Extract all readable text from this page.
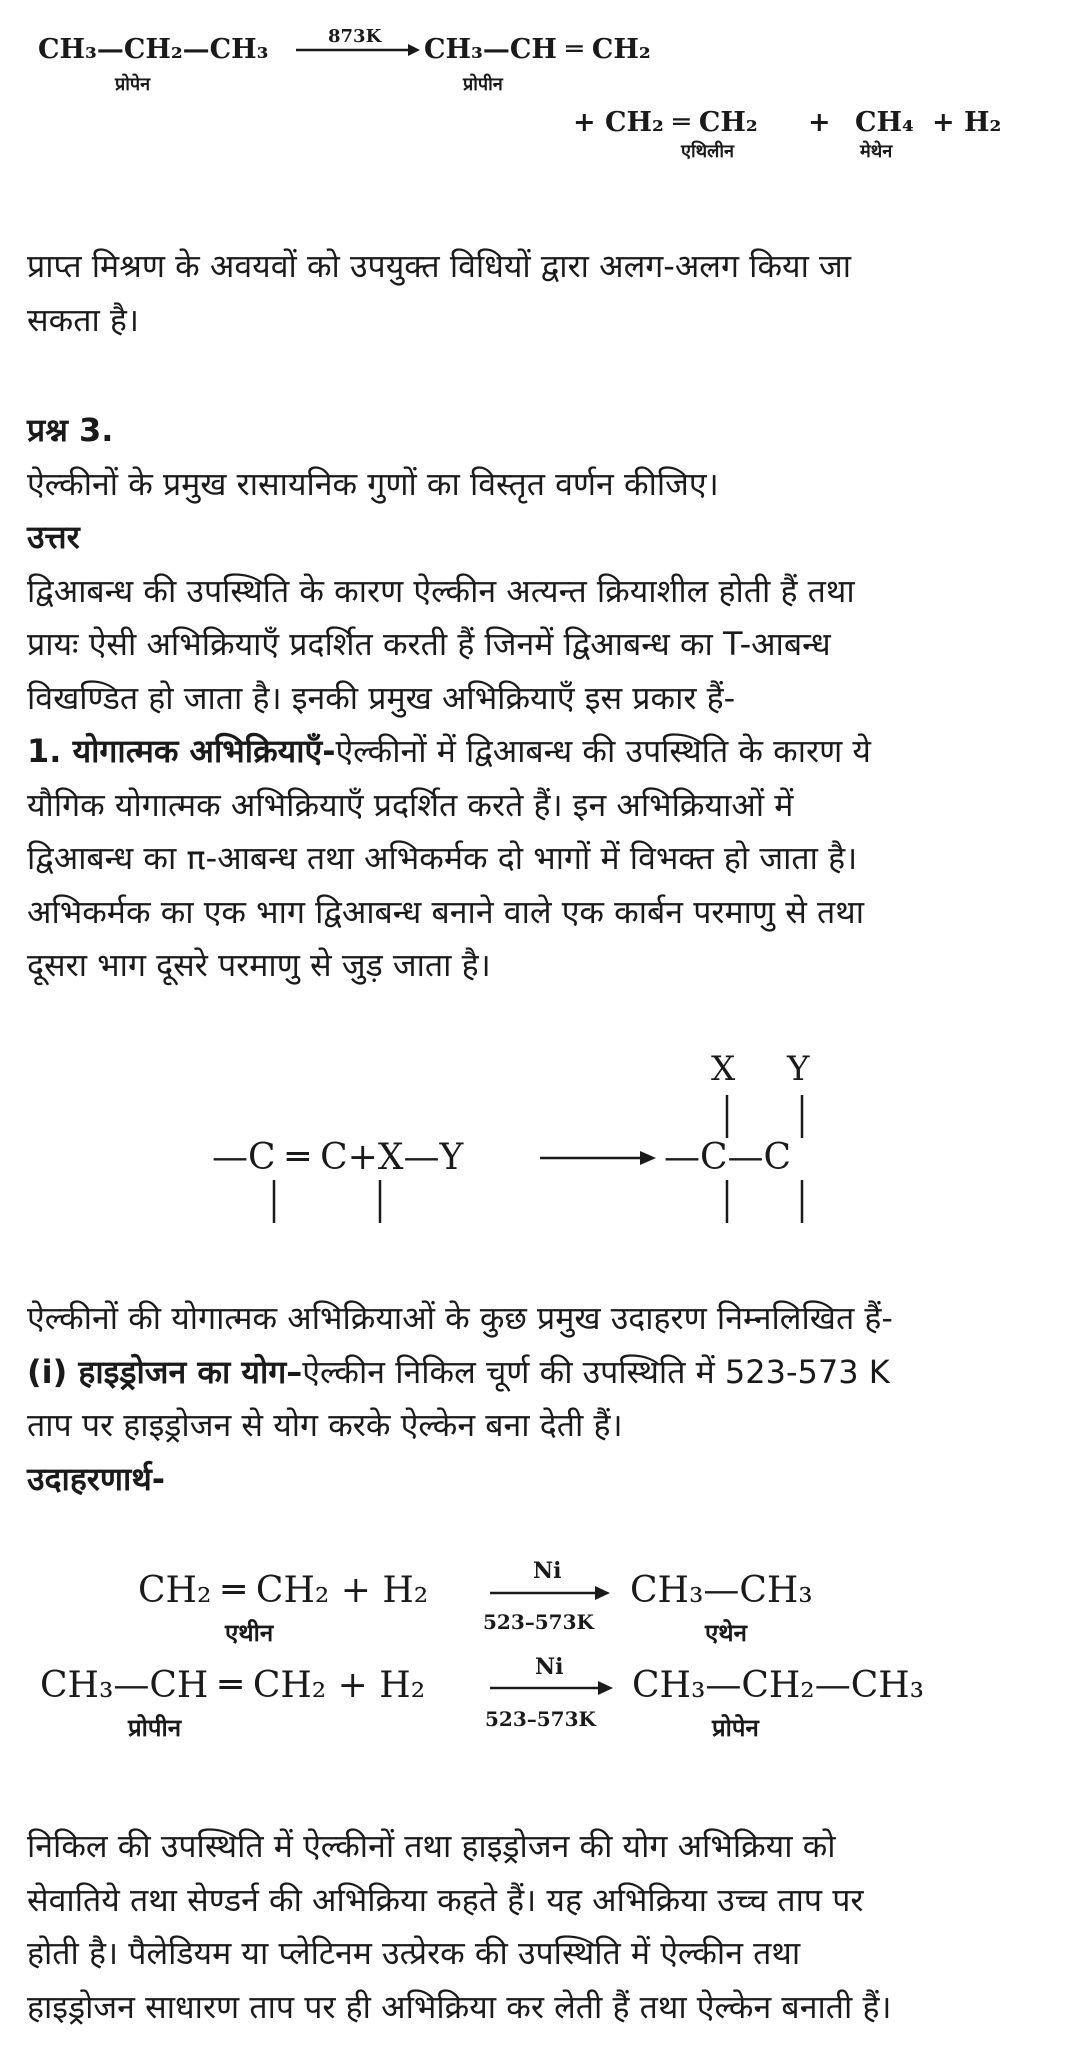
CH₃—CH₂—CH₃
प्रोपेन
873K CH₃—CH ═ CH₂
प्रोपीन
+ CH₂ ═ CH₂
एथिलीन
+ CH₄
मेथेन
+ H₂

प्राप्त मिश्रण के अवयवों को उपयुक्त विधियों द्वारा अलग-अलग किया जा
सकता है।

प्रश्न 3.
ऐल्कीनों के प्रमुख रासायनिक गुणों का विस्तृत वर्णन कीजिए।
उत्तर
द्विआबन्ध की उपस्थिति के कारण ऐल्कीन अत्यन्त क्रियाशील होती हैं तथा
प्रायः ऐसी अभिक्रियाएँ प्रदर्शित करती हैं जिनमें द्विआबन्ध का T-आबन्ध
विखण्डित हो जाता है। इनकी प्रमुख अभिक्रियाएँ इस प्रकार हैं-
1. योगात्मक अभिक्रियाएँ-ऐल्कीनों में द्विआबन्ध की उपस्थिति के कारण ये
यौगिक योगात्मक अभिक्रियाएँ प्रदर्शित करते हैं। इन अभिक्रियाओं में
द्विआबन्ध का π-आबन्ध तथा अभिकर्मक दो भागों में विभक्त हो जाता है।
अभिकर्मक का एक भाग द्विआबन्ध बनाने वाले एक कार्बन परमाणु से तथा
दूसरा भाग दूसरे परमाणु से जुड़ जाता है।
—C ═ C+X—Y	—C—C
X Y
ऐल्कीनों की योगात्मक अभिक्रियाओं के कुछ प्रमुख उदाहरण निम्नलिखित हैं-
(i) हाइड्रोजन का योग–ऐल्कीन निकिल चूर्ण की उपस्थिति में 523-573 K
ताप पर हाइड्रोजन से योग करके ऐल्केन बना देती हैं।
उदाहरणार्थ-
CH₂ ═ CH₂ + H₂
एथीन
Ni
523–573K
CH₃—CH₃
एथेन
CH₃—CH ═ CH₂ + H₂
प्रोपीन
Ni
523–573K
CH₃—CH₂—CH₃
प्रोपेन

निकिल की उपस्थिति में ऐल्कीनों तथा हाइड्रोजन की योग अभिक्रिया को
सेवातिये तथा सेण्डर्न की अभिक्रिया कहते हैं। यह अभिक्रिया उच्च ताप पर
होती है। पैलेडियम या प्लेटिनम उत्प्रेरक की उपस्थिति में ऐल्कीन तथा
हाइड्रोजन साधारण ताप पर ही अभिक्रिया कर लेती हैं तथा ऐल्केन बनाती हैं।
